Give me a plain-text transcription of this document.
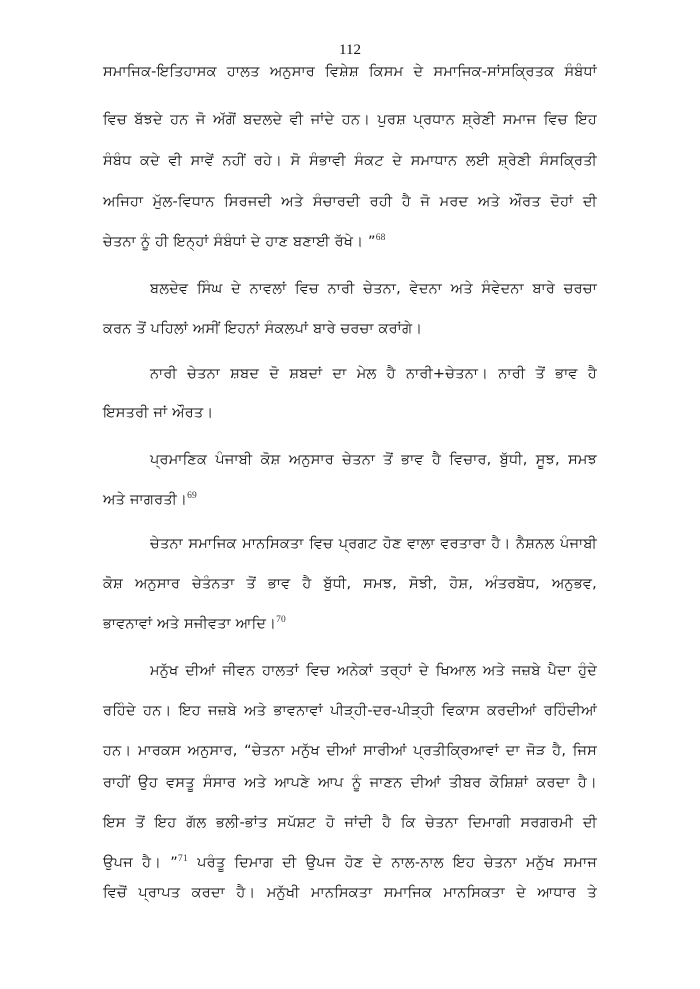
112
ਸਮਾਜਿਕ-ਇਤਿਹਾਸਕ ਹਾਲਤ ਅਨੁਸਾਰ ਵਿਸ਼ੇਸ਼ ਕਿਸਮ ਦੇ ਸਮਾਜਿਕ-ਸਾਂਸਕ੍ਰਿਤਕ ਸੰਬੰਧਾਂ
ਵਿਚ ਬੱਝਦੇ ਹਨ ਜੋ ਅੱਗੋਂ ਬਦਲਦੇ ਵੀ ਜਾਂਦੇ ਹਨ। ਪੁਰਸ਼ ਪ੍ਰਧਾਨ ਸ਼੍ਰੇਣੀ ਸਮਾਜ ਵਿਚ ਇਹ
ਸੰਬੰਧ ਕਦੇ ਵੀ ਸਾਵੇਂ ਨਹੀਂ ਰਹੇ। ਸੋ ਸੰਭਾਵੀ ਸੰਕਟ ਦੇ ਸਮਾਧਾਨ ਲਈ ਸ਼੍ਰੇਣੀ ਸੰਸਕ੍ਰਿਤੀ
ਅਜਿਹਾ ਮੁੱਲ-ਵਿਧਾਨ ਸਿਰਜਦੀ ਅਤੇ ਸੰਚਾਰਦੀ ਰਹੀ ਹੈ ਜੋ ਮਰਦ ਅਤੇ ਔਰਤ ਦੋਹਾਂ ਦੀ
ਚੇਤਨਾ ਨੂੰ ਹੀ ਇਨ੍ਹਾਂ ਸੰਬੰਧਾਂ ਦੇ ਹਾਣ ਬਣਾਈ ਰੱਖੇ। ”$^{68}$
ਬਲਦੇਵ ਸਿੰਘ ਦੇ ਨਾਵਲਾਂ ਵਿਚ ਨਾਰੀ ਚੇਤਨਾ, ਵੇਦਨਾ ਅਤੇ ਸੰਵੇਦਨਾ ਬਾਰੇ ਚਰਚਾ
ਕਰਨ ਤੋਂ ਪਹਿਲਾਂ ਅਸੀਂ ਇਹਨਾਂ ਸੰਕਲਪਾਂ ਬਾਰੇ ਚਰਚਾ ਕਰਾਂਗੇ।
ਨਾਰੀ ਚੇਤਨਾ ਸ਼ਬਦ ਦੋ ਸ਼ਬਦਾਂ ਦਾ ਮੇਲ ਹੈ ਨਾਰੀ+ਚੇਤਨਾ। ਨਾਰੀ ਤੋਂ ਭਾਵ ਹੈ
ਇਸਤਰੀ ਜਾਂ ਔਰਤ।
ਪ੍ਰਮਾਣਿਕ ਪੰਜਾਬੀ ਕੋਸ਼ ਅਨੁਸਾਰ ਚੇਤਨਾ ਤੋਂ ਭਾਵ ਹੈ ਵਿਚਾਰ, ਬੁੱਧੀ, ਸੂਝ, ਸਮਝ
ਅਤੇ ਜਾਗਰਤੀ।$^{69}$
ਚੇਤਨਾ ਸਮਾਜਿਕ ਮਾਨਸਿਕਤਾ ਵਿਚ ਪ੍ਰਗਟ ਹੋਣ ਵਾਲਾ ਵਰਤਾਰਾ ਹੈ। ਨੈਸ਼ਨਲ ਪੰਜਾਬੀ
ਕੋਸ਼ ਅਨੁਸਾਰ ਚੇਤੰਨਤਾ ਤੋਂ ਭਾਵ ਹੈ ਬੁੱਧੀ, ਸਮਝ, ਸੋਝੀ, ਹੋਸ਼, ਅੰਤਰਬੋਧ, ਅਨੁਭਵ,
ਭਾਵਨਾਵਾਂ ਅਤੇ ਸਜੀਵਤਾ ਆਦਿ।$^{70}$
ਮਨੁੱਖ ਦੀਆਂ ਜੀਵਨ ਹਾਲਤਾਂ ਵਿਚ ਅਨੇਕਾਂ ਤਰ੍ਹਾਂ ਦੇ ਖਿਆਲ ਅਤੇ ਜਜ਼ਬੇ ਪੈਦਾ ਹੁੰਦੇ
ਰਹਿੰਦੇ ਹਨ। ਇਹ ਜਜ਼ਬੇ ਅਤੇ ਭਾਵਨਾਵਾਂ ਪੀੜ੍ਹੀ-ਦਰ-ਪੀੜ੍ਹੀ ਵਿਕਾਸ ਕਰਦੀਆਂ ਰਹਿੰਦੀਆਂ
ਹਨ। ਮਾਰਕਸ ਅਨੁਸਾਰ, “ਚੇਤਨਾ ਮਨੁੱਖ ਦੀਆਂ ਸਾਰੀਆਂ ਪ੍ਰਤੀਕ੍ਰਿਆਵਾਂ ਦਾ ਜੋੜ ਹੈ, ਜਿਸ
ਰਾਹੀਂ ਉਹ ਵਸਤੂ ਸੰਸਾਰ ਅਤੇ ਆਪਣੇ ਆਪ ਨੂੰ ਜਾਣਨ ਦੀਆਂ ਤੀਬਰ ਕੋਸ਼ਿਸ਼ਾਂ ਕਰਦਾ ਹੈ।
ਇਸ ਤੋਂ ਇਹ ਗੱਲ ਭਲੀ-ਭਾਂਤ ਸਪੱਸ਼ਟ ਹੋ ਜਾਂਦੀ ਹੈ ਕਿ ਚੇਤਨਾ ਦਿਮਾਗੀ ਸਰਗਰਮੀ ਦੀ
ਉਪਜ ਹੈ। ”$^{71}$ ਪਰੰਤੂ ਦਿਮਾਗ ਦੀ ਉਪਜ ਹੋਣ ਦੇ ਨਾਲ-ਨਾਲ ਇਹ ਚੇਤਨਾ ਮਨੁੱਖ ਸਮਾਜ
ਵਿਚੋਂ ਪ੍ਰਾਪਤ ਕਰਦਾ ਹੈ। ਮਨੁੱਖੀ ਮਾਨਸਿਕਤਾ ਸਮਾਜਿਕ ਮਾਨਸਿਕਤਾ ਦੇ ਆਧਾਰ ਤੇ
